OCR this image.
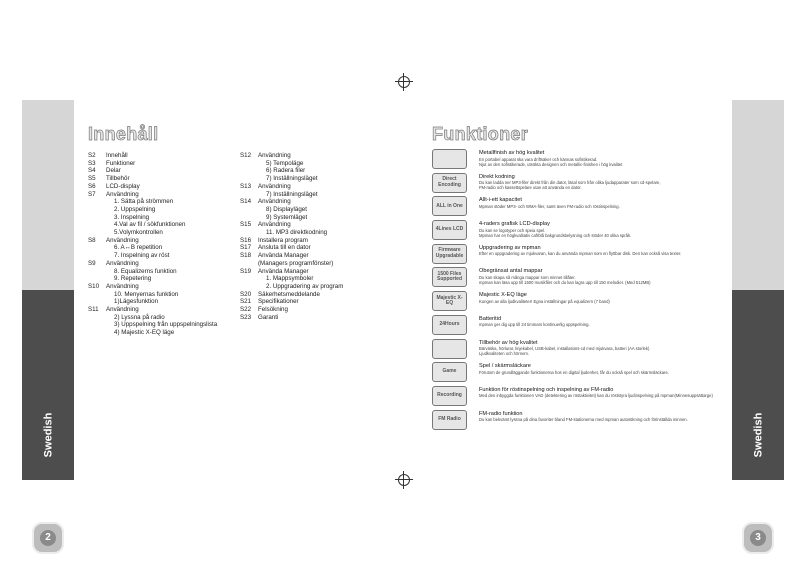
Swedish
2
Innehåll
S2	Innehåll
S3	Funktioner
S4	Delar
S5	Tillbehör
S6	LCD-display
S7	Användning
1. Sätta på strömmen
2. Uppspelning
3. Inspelning
4.Val av fil / sökfunktionen
5.Volymkontrollen
S8	Användning
6. A↔B repetition
7. Inspelning av röst
S9	Användning
8. Equalizerns funktion
9. Repetering
S10	Användning
10. Menyernas funktion
1)Lägesfunktion
S11	Användning
2) Lyssna på radio
3) Uppspelning från uppspelningslista
4) Majestic X-EQ läge
S12	Användning
5) Tempoläge
6) Radera filer
7) Inställningsläget
S13	Användning
7) Inställningsläget
S14	Användning
8) Displayläget
9) Systemläget
S15	Användning
11. MP3 direktkodning
S16	Installera program
S17	Ansluta till en dator
S18	Använda Manager
(Managers programfönster)
S19	Använda Manager
1. Mappsymboler
2. Uppgradering av program
S20	Säkerhetsmeddelande
S21	Specifikationer
S22	Felsökning
S23	Garanti
Funktioner
Metallfinish av hög kvalitet
En portabel apparat ska vara driftsäker och kännas sofistikerad.
Njut av den sofistikerade, utsökta designen och metallic-finishen i hög kvalitet
Direct Encoding
Direkt kodning
Du kan ladda ner MP3-filer direkt från din dator, läsal som från olika ljudapparater som cd-spelare,
FM-radio och kassettspelare utan att använda en dator.
ALL in One
Allt-i-ett kapacitet
Mpman stöder MP3- och WMA-filer, samt även FM-radio och röstinspelning.
4Lines LCD
4-raders grafisk LCD-display
Du kan se logotyper och speia spel.
Mpman har en högkvalitativ cafrblå bakgrundsbelysning och stöder 40 olika språk.
Firmware Upgradable
Uppgradering av mpman
Efter en uppgradering av mjukvaran, kan du använda mpman som en flyttbar disk. Den kan också visa texter.
1500 Files Supported
Obegränsat antal mappar
Du kan skapa så många mappar som minnet tillåter.
mpman kan läsa upp till 1500 musikfiler och du kan lagra upp till 150 melodier. (Med 512MB)
Majestic X-EQ
Majestic X-EQ läge
Kungen av alla ljudkvaliteter! Egna inställningar på equalizern (7 band)
24Hours
Batteritid
mpman ger dig upp till 24 timmars kontinuerlig uppspelning.
Tillbehör av hög kvalitet
Bärväska, hörlurar, linjekabel, USB-kabel, installations-cd med mjukvara, batteri (AA storlek)
Ljudkvaliteten och hörnem.
Game
Spel / skärmsläckare
Förutom de grundläggande funktionerna hos en digital ljudenhet, får du också spel och skärmsläckare.
Recording
Funktion för röstinspelning och inspelning av FM-radio
Med den inbyggda funktionen VAD (detektering av röstaktivitet) kan du röststyra ljudinspelning på mpman(Minnesuppsättarge)
FM Radio
FM-radio funktion
Du kan bekvämt lyssna på dina favoriter bland FM-stationerna med mpman autosökning och förinställda minnen.	Swedish
3
